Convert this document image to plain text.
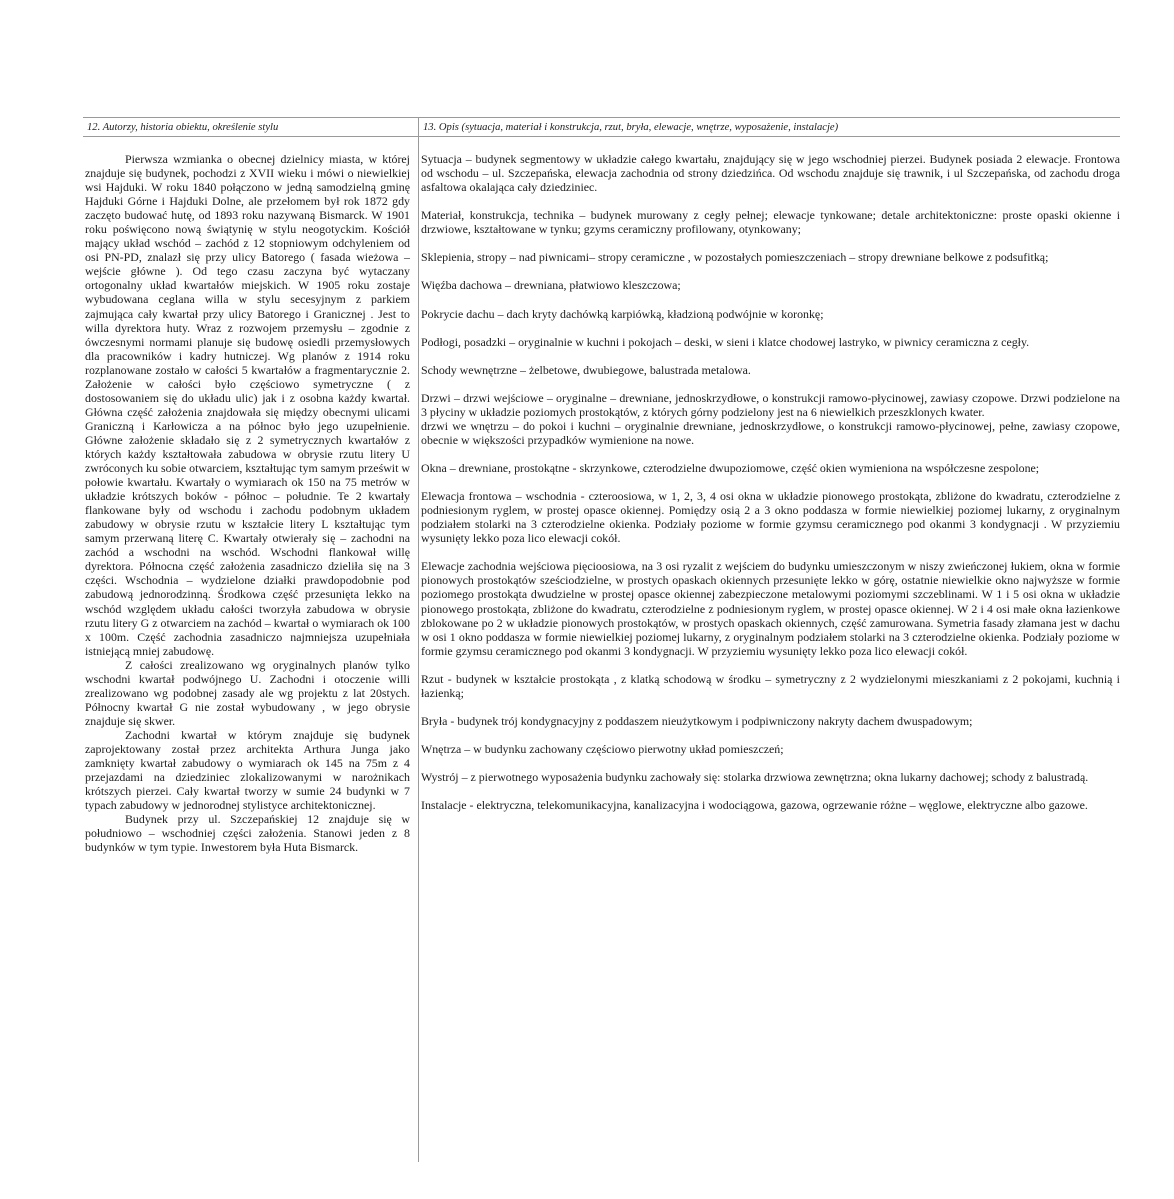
12. Autorzy, historia obiektu, określenie stylu

Pierwsza wzmianka o obecnej dzielnicy miasta, w której znajduje się budynek, pochodzi z XVII wieku i mówi o niewielkiej wsi Hajduki. W roku 1840 połączono w jedną samodzielną gminę Hajduki Górne i Hajduki Dolne, ale przełomem był rok 1872 gdy zaczęto budować hutę, od 1893 roku nazywaną Bismarck. W 1901 roku poświęcono nową świątynię w stylu neogotyckim. Kościół mający układ wschód – zachód z 12 stopniowym odchyleniem od osi PN-PD, znalazł się przy ulicy Batorego ( fasada wieżowa – wejście główne ). Od tego czasu zaczyna być wytaczany ortogonalny układ kwartałów miejskich. W 1905 roku zostaje wybudowana ceglana willa w stylu secesyjnym z parkiem zajmująca cały kwartał przy ulicy Batorego i Granicznej . Jest to willa dyrektora huty. Wraz z rozwojem przemysłu – zgodnie z ówczesnymi normami planuje się budowę osiedli przemysłowych dla pracowników i kadry hutniczej. Wg planów z 1914 roku rozplanowane zostało w całości 5 kwartałów a fragmentarycznie 2. Założenie w całości było częściowo symetryczne ( z dostosowaniem się do układu ulic) jak i z osobna każdy kwartał. Główna część założenia znajdowała się między obecnymi ulicami Graniczną i Karłowicza a na północ było jego uzupełnienie. Główne założenie składało się z 2 symetrycznych kwartałów z których każdy kształtowała zabudowa w obrysie rzutu litery U zwróconych ku sobie otwarciem, kształtując tym samym prześwit w połowie kwartału. Kwartały o wymiarach ok 150 na 75 metrów w układzie krótszych boków - północ – południe. Te 2 kwartały flankowane były od wschodu i zachodu podobnym układem zabudowy w obrysie rzutu w kształcie litery L kształtując tym samym przerwaną literę C. Kwartały otwierały się – zachodni na zachód a wschodni na wschód. Wschodni flankował willę dyrektora. Północna część założenia zasadniczo dzieliła się na 3 części. Wschodnia – wydzielone działki prawdopodobnie pod zabudową jednorodzinną. Środkowa część przesunięta lekko na wschód względem układu całości tworzyła zabudowa w obrysie rzutu litery G z otwarciem na zachód – kwartał o wymiarach ok 100 x 100m. Część zachodnia zasadniczo najmniejsza uzupełniała istniejącą mniej zabudowę.

Z całości zrealizowano wg oryginalnych planów tylko wschodni kwartał podwójnego U. Zachodni i otoczenie willi zrealizowano wg podobnej zasady ale wg projektu z lat 20stych. Północny kwartał G nie został wybudowany , w jego obrysie znajduje się skwer.

Zachodni kwartał w którym znajduje się budynek zaprojektowany został przez architekta Arthura Junga jako zamknięty kwartał zabudowy o wymiarach ok 145 na 75m z 4 przejazdami na dziedziniec zlokalizowanymi w narożnikach krótszych pierzei. Cały kwartał tworzy w sumie 24 budynki w 7 typach zabudowy w jednorodnej stylistyce architektonicznej.

Budynek przy ul. Szczepańskiej 12 znajduje się w południowo – wschodniej części założenia. Stanowi jeden z 8 budynków w tym typie. Inwestorem była Huta Bismarck.

13. Opis (sytuacja, materiał i konstrukcja, rzut, bryła, elewacje, wnętrze, wyposażenie, instalacje)

Sytuacja – budynek segmentowy w układzie całego kwartału, znajdujący się w jego wschodniej pierzei. Budynek posiada 2 elewacje. Frontowa od wschodu – ul. Szczepańska, elewacja zachodnia od strony dziedzińca. Od wschodu znajduje się trawnik, i ul Szczepańska, od zachodu droga asfaltowa okalająca cały dziedziniec.

Materiał, konstrukcja, technika – budynek murowany z cegły pełnej; elewacje tynkowane; detale architektoniczne: proste opaski okienne i drzwiowe, kształtowane w tynku; gzyms ceramiczny profilowany, otynkowany;

Sklepienia, stropy – nad piwnicami– stropy ceramiczne , w pozostałych pomieszczeniach – stropy drewniane belkowe z podsufitką;

Więźba dachowa – drewniana, płatwiowo kleszczowa;

Pokrycie dachu – dach kryty dachówką karpiówką, kładzioną podwójnie w koronkę;

Podłogi, posadzki – oryginalnie w kuchni i pokojach – deski, w sieni i klatce chodowej lastryko, w piwnicy ceramiczna z cegły.

Schody wewnętrzne – żelbetowe, dwubiegowe, balustrada metalowa.

Drzwi – drzwi wejściowe – oryginalne – drewniane, jednoskrzydłowe, o konstrukcji ramowo-płycinowej, zawiasy czopowe. Drzwi podzielone na 3 płyciny w układzie poziomych prostokątów, z których górny podzielony jest na 6 niewielkich przeszklonych kwater.

drzwi we wnętrzu – do pokoi i kuchni – oryginalnie drewniane, jednoskrzydłowe, o konstrukcji ramowo-płycinowej, pełne, zawiasy czopowe, obecnie w większości przypadków wymienione na nowe.

Okna – drewniane, prostokątne - skrzynkowe, czterodzielne dwupoziomowe, część okien wymieniona na współczesne zespolone;

Elewacja frontowa – wschodnia - czteroosiowa, w 1, 2, 3, 4 osi okna w układzie pionowego prostokąta, zbliżone do kwadratu, czterodzielne z podniesionym ryglem, w prostej opasce okiennej. Pomiędzy osią 2 a 3 okno poddasza w formie niewielkiej poziomej lukarny, z oryginalnym podziałem stolarki na 3 czterodzielne okienka. Podziały poziome w formie gzymsu ceramicznego pod okanmi 3 kondygnacji . W przyziemiu wysunięty lekko poza lico elewacji cokół.

Elewacje zachodnia wejściowa pięcioosiowa, na 3 osi ryzalit z wejściem do budynku umieszczonym w niszy zwieńczonej łukiem, okna w formie pionowych prostokątów sześciodzielne, w prostych opaskach okiennych przesunięte lekko w górę, ostatnie niewielkie okno najwyższe w formie poziomego prostokąta dwudzielne w prostej opasce okiennej zabezpieczone metalowymi poziomymi szczeblinami. W 1 i 5 osi okna w układzie pionowego prostokąta, zbliżone do kwadratu, czterodzielne z podniesionym ryglem, w prostej opasce okiennej. W 2 i 4 osi małe okna łazienkowe zblokowane po 2 w układzie pionowych prostokątów, w prostych opaskach okiennych, część zamurowana. Symetria fasady złamana jest w dachu w osi 1 okno poddasza w formie niewielkiej poziomej lukarny, z oryginalnym podziałem stolarki na 3 czterodzielne okienka. Podziały poziome w formie gzymsu ceramicznego pod okanmi 3 kondygnacji. W przyziemiu wysunięty lekko poza lico elewacji cokół.

Rzut - budynek w kształcie prostokąta , z klatką schodową w środku – symetryczny z 2 wydzielonymi mieszkaniami z 2 pokojami, kuchnią i łazienką;

Bryła - budynek trój kondygnacyjny z poddaszem nieużytkowym i podpiwniczony nakryty dachem dwuspadowym;

Wnętrza – w budynku zachowany częściowo pierwotny układ pomieszczeń;

Wystrój – z pierwotnego wyposażenia budynku zachowały się: stolarka drzwiowa zewnętrzna; okna lukarny dachowej; schody z balustradą.

Instalacje - elektryczna, telekomunikacyjna, kanalizacyjna i wodociągowa, gazowa, ogrzewanie różne – węglowe, elektryczne albo gazowe.
